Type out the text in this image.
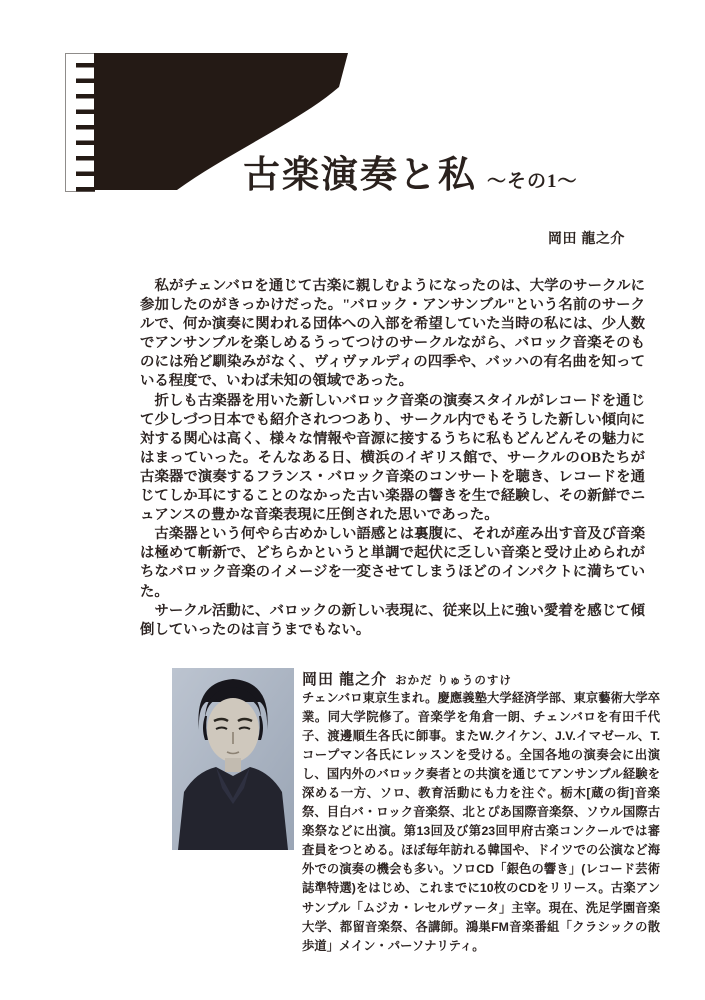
古楽演奏と私 ～その1～
岡田 龍之介

　私がチェンバロを通じて古楽に親しむようになったのは、大学のサークルに参加したのがきっかけだった。"バロック・アンサンブル"という名前のサークルで、何か演奏に関われる団体への入部を希望していた当時の私には、少人数でアンサンブルを楽しめるうってつけのサークルながら、バロック音楽そのものには殆ど馴染みがなく、ヴィヴァルディの四季や、バッハの有名曲を知っている程度で、いわば未知の領域であった。

　折しも古楽器を用いた新しいバロック音楽の演奏スタイルがレコードを通じて少しづつ日本でも紹介されつつあり、サークル内でもそうした新しい傾向に対する関心は高く、様々な情報や音源に接するうちに私もどんどんその魅力にはまっていった。そんなある日、横浜のイギリス館で、サークルのOBたちが古楽器で演奏するフランス・バロック音楽のコンサートを聴き、レコードを通じてしか耳にすることのなかった古い楽器の響きを生で経験し、その新鮮でニュアンスの豊かな音楽表現に圧倒された思いであった。

　古楽器という何やら古めかしい語感とは裏腹に、それが産み出す音及び音楽は極めて斬新で、どちらかというと単調で起伏に乏しい音楽と受け止められがちなバロック音楽のイメージを一変させてしまうほどのインパクトに満ちていた。

　サークル活動に、バロックの新しい表現に、従来以上に強い愛着を感じて傾倒していったのは言うまでもない。

岡田 龍之介 おかだ りゅうのすけ
チェンバロ東京生まれ。慶應義塾大学経済学部、東京藝術大学卒業。同大学院修了。音楽学を角倉一朗、チェンバロを有田千代子、渡邊順生各氏に師事。またW.クイケン、J.V.イマゼール、T.コープマン各氏にレッスンを受ける。全国各地の演奏会に出演し、国内外のバロック奏者との共演を通じてアンサンブル経験を深める一方、ソロ、教育活動にも力を注ぐ。栃木[蔵の街]音楽祭、目白バ・ロック音楽祭、北とぴあ国際音楽祭、ソウル国際古楽祭などに出演。第13回及び第23回甲府古楽コンクールでは審査員をつとめる。ほぼ毎年訪れる韓国や、ドイツでの公演など海外での演奏の機会も多い。ソロCD「銀色の響き」(レコード芸術誌準特選)をはじめ、これまでに10枚のCDをリリース。古楽アンサンブル「ムジカ・レセルヴァータ」主宰。現在、洗足学園音楽大学、都留音楽祭、各講師。鴻巣FM音楽番組「クラシックの散歩道」メイン・パーソナリティ。
